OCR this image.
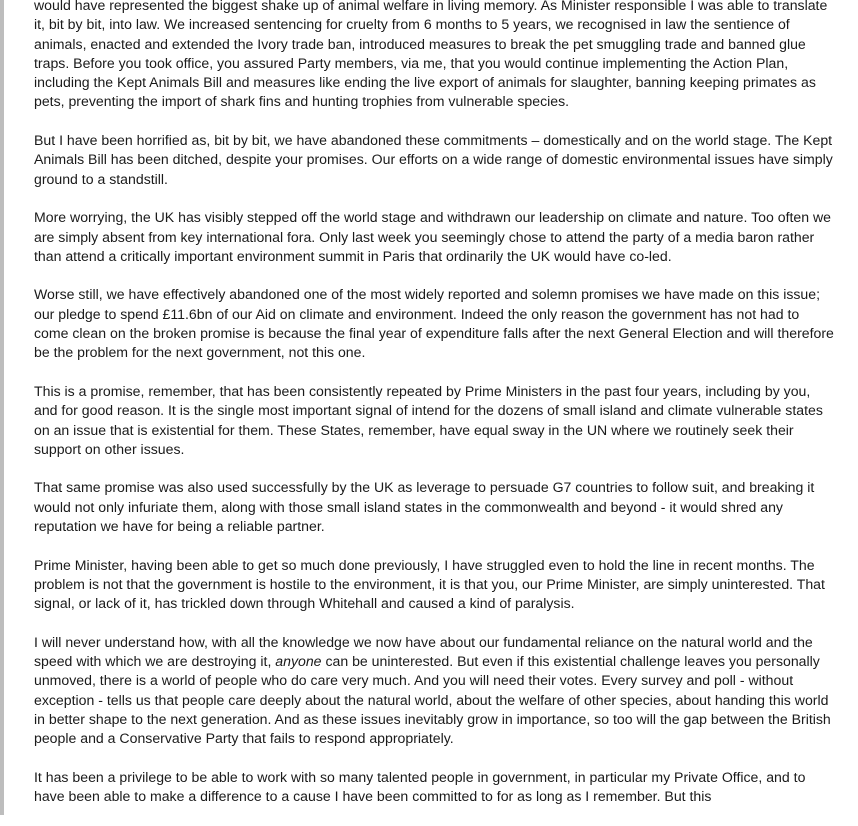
would have represented the biggest shake up of animal welfare in living memory. As Minister responsible I was able to translate it, bit by bit, into law. We increased sentencing for cruelty from 6 months to 5 years, we recognised in law the sentience of animals, enacted and extended the Ivory trade ban, introduced measures to break the pet smuggling trade and banned glue traps. Before you took office, you assured Party members, via me, that you would continue implementing the Action Plan, including the Kept Animals Bill and measures like ending the live export of animals for slaughter, banning keeping primates as pets, preventing the import of shark fins and hunting trophies from vulnerable species.

But I have been horrified as, bit by bit, we have abandoned these commitments – domestically and on the world stage. The Kept Animals Bill has been ditched, despite your promises. Our efforts on a wide range of domestic environmental issues have simply ground to a standstill.

More worrying, the UK has visibly stepped off the world stage and withdrawn our leadership on climate and nature. Too often we are simply absent from key international fora. Only last week you seemingly chose to attend the party of a media baron rather than attend a critically important environment summit in Paris that ordinarily the UK would have co-led.

Worse still, we have effectively abandoned one of the most widely reported and solemn promises we have made on this issue; our pledge to spend £11.6bn of our Aid on climate and environment. Indeed the only reason the government has not had to come clean on the broken promise is because the final year of expenditure falls after the next General Election and will therefore be the problem for the next government, not this one.

This is a promise, remember, that has been consistently repeated by Prime Ministers in the past four years, including by you, and for good reason. It is the single most important signal of intend for the dozens of small island and climate vulnerable states on an issue that is existential for them. These States, remember, have equal sway in the UN where we routinely seek their support on other issues.

That same promise was also used successfully by the UK as leverage to persuade G7 countries to follow suit, and breaking it would not only infuriate them, along with those small island states in the commonwealth and beyond - it would shred any reputation we have for being a reliable partner.

Prime Minister, having been able to get so much done previously, I have struggled even to hold the line in recent months. The problem is not that the government is hostile to the environment, it is that you, our Prime Minister, are simply uninterested. That signal, or lack of it, has trickled down through Whitehall and caused a kind of paralysis.

I will never understand how, with all the knowledge we now have about our fundamental reliance on the natural world and the speed with which we are destroying it, anyone can be uninterested. But even if this existential challenge leaves you personally unmoved, there is a world of people who do care very much. And you will need their votes. Every survey and poll - without exception - tells us that people care deeply about the natural world, about the welfare of other species, about handing this world in better shape to the next generation. And as these issues inevitably grow in importance, so too will the gap between the British people and a Conservative Party that fails to respond appropriately.

It has been a privilege to be able to work with so many talented people in government, in particular my Private Office, and to have been able to make a difference to a cause I have been committed to for as long as I remember. But this
